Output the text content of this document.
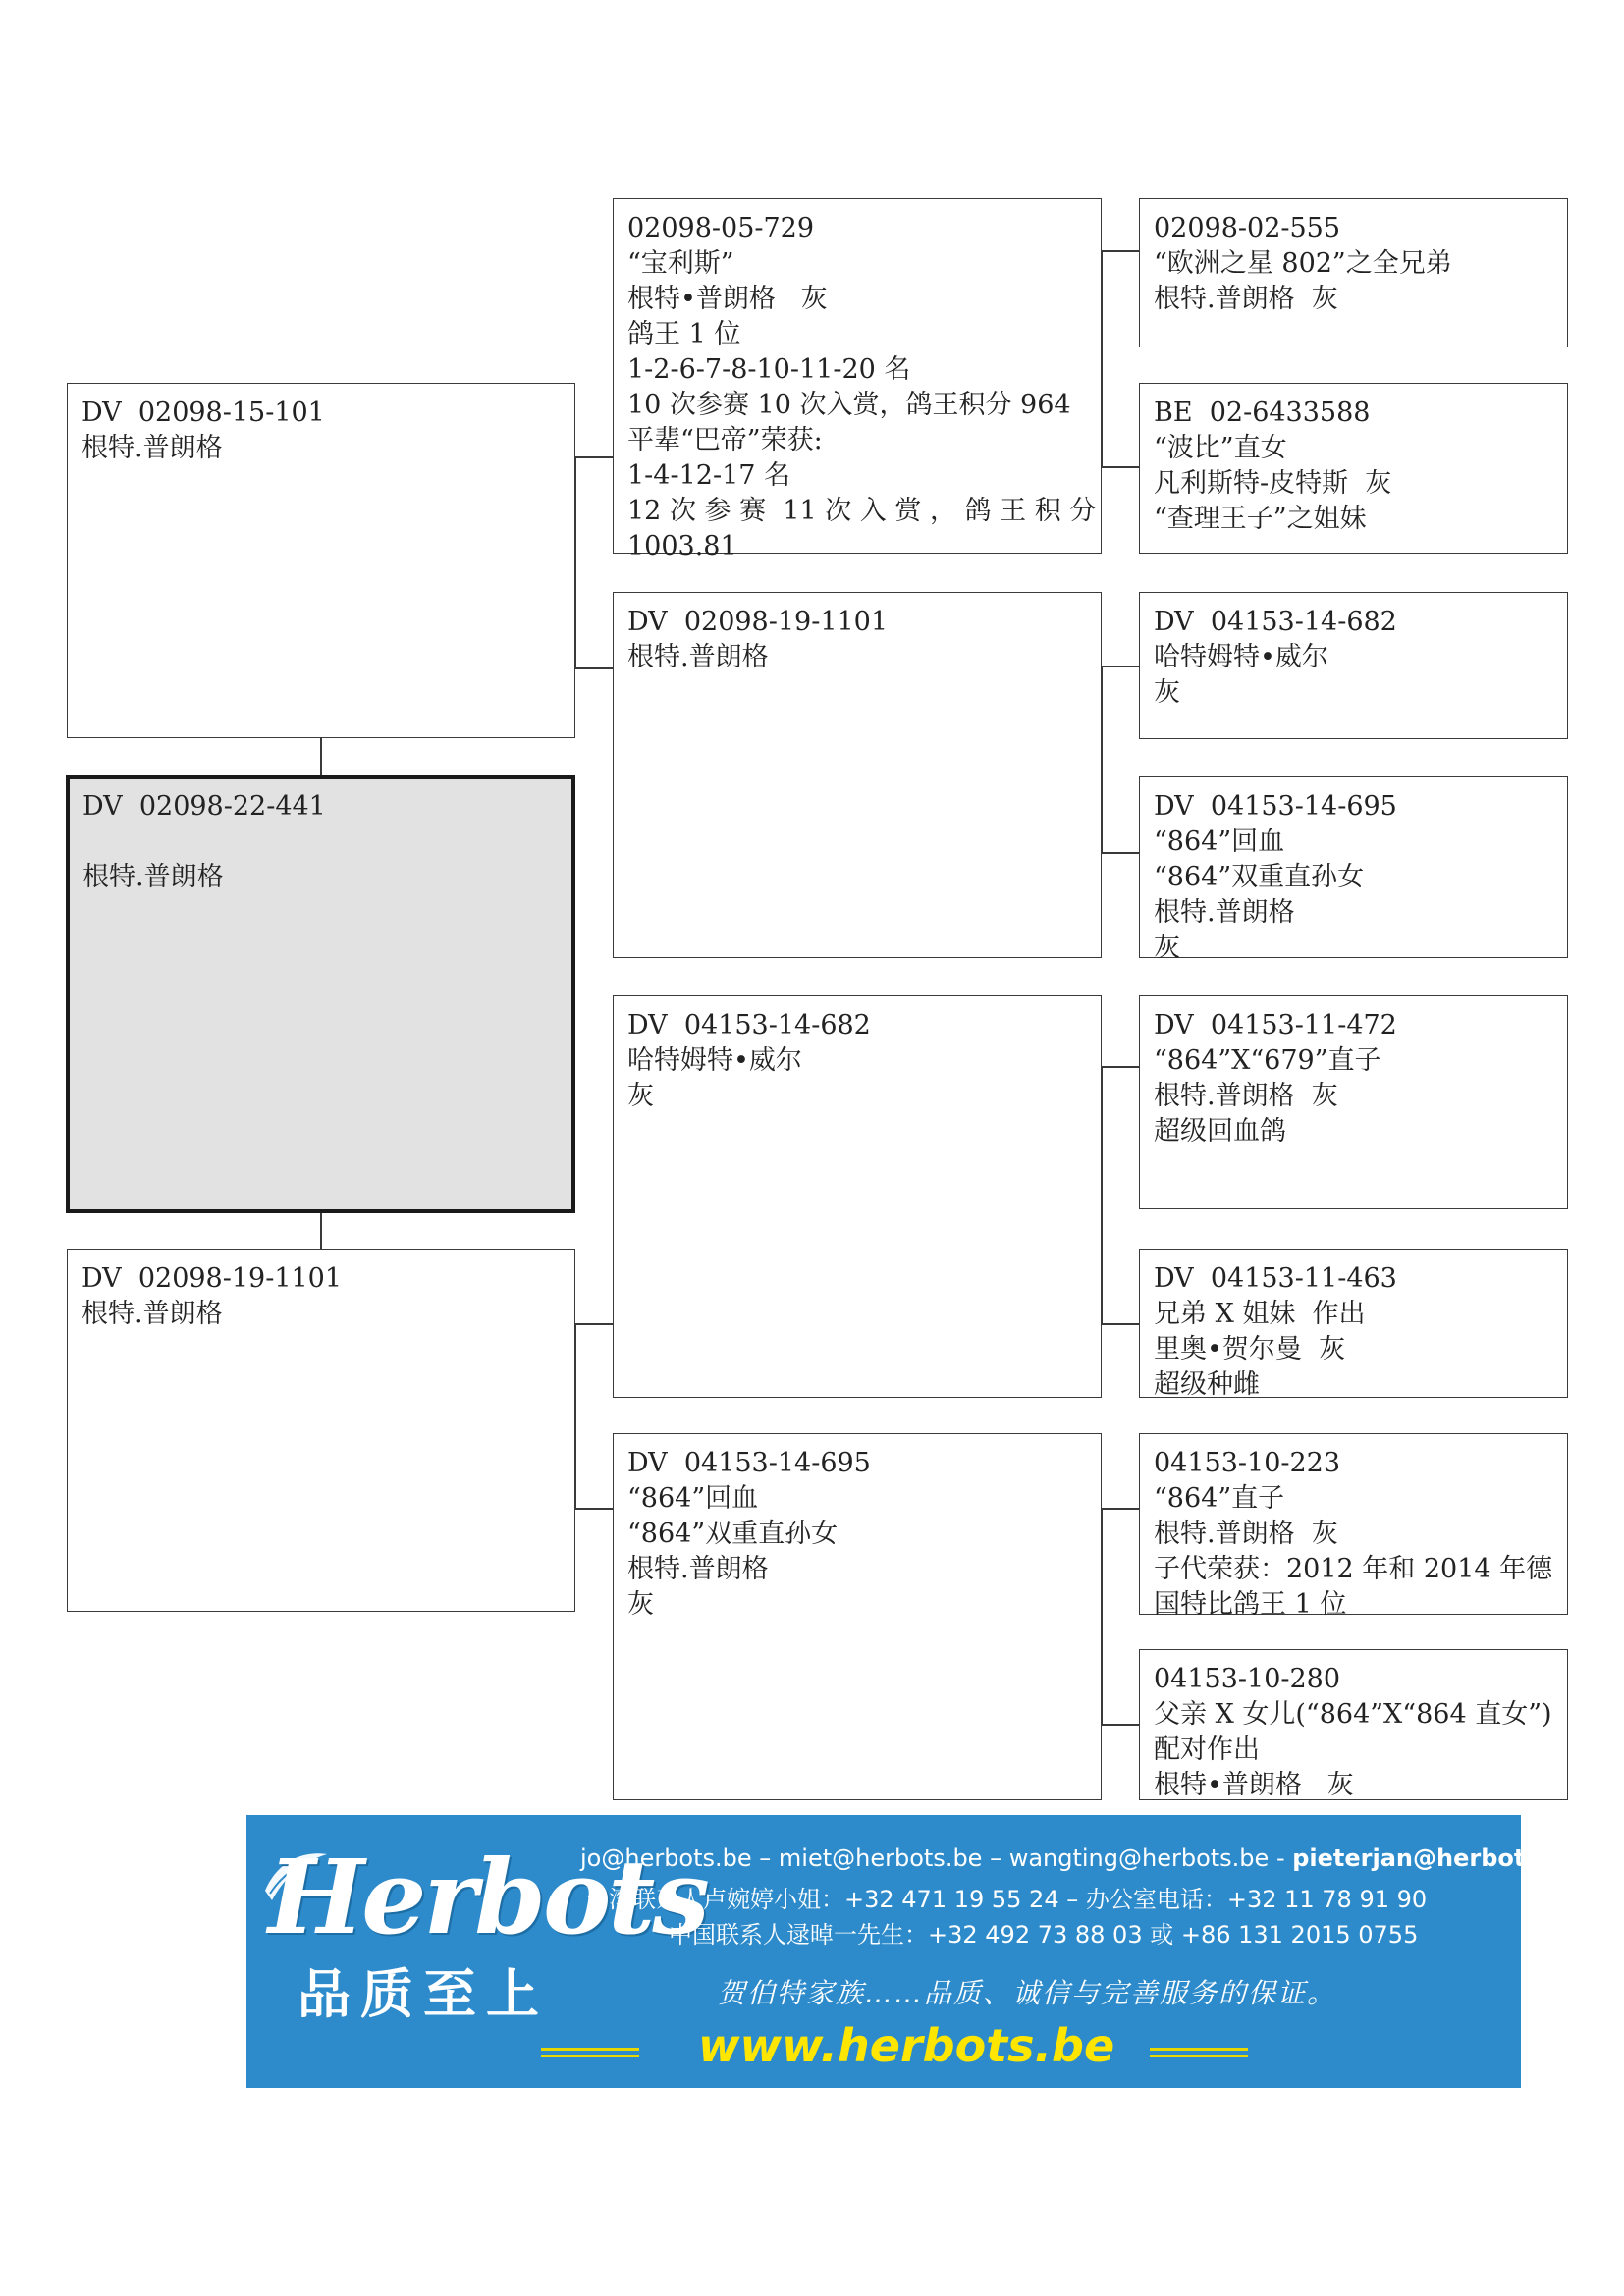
DV  02098-15-101
根特.普朗格
DV  02098-22-441

根特.普朗格
DV  02098-19-1101
根特.普朗格
02098-05-729
“宝利斯”
根特•普朗格   灰
鸽王 1 位
1-2-6-7-8-10-11-20 名
10 次参赛 10 次入赏，鸽王积分 964
平辈“巴帝”荣获:
1-4-12-17 名
12 次 参 赛  11 次 入 赏 ， 鸽 王 积 分
1003.81
DV  02098-19-1101
根特.普朗格
DV  04153-14-682
哈特姆特•威尔
灰
DV  04153-14-695
“864”回血
“864”双重直孙女
根特.普朗格
灰
02098-02-555
“欧洲之星 802”之全兄弟
根特.普朗格  灰
BE  02-6433588
“波比”直女
凡利斯特-皮特斯  灰
“查理王子”之姐妹
DV  04153-14-682
哈特姆特•威尔
灰
DV  04153-14-695
“864”回血
“864”双重直孙女
根特.普朗格
灰
DV  04153-11-472
“864”X“679”直子
根特.普朗格  灰
超级回血鸽
DV  04153-11-463
兄弟 X 姐妹  作出
里奥•贺尔曼  灰
超级种雌
04153-10-223
“864”直子
根特.普朗格  灰
子代荣获：2012 年和 2014 年德国特比鸽王 1 位
04153-10-280
父亲 X 女儿(“864”X“864 直女”)
配对作出
根特•普朗格   灰
Herbots
品质至上
jo@herbots.be – miet@herbots.be – wangting@herbots.be - pieterjan@herbots.be
台湾联系人卢婉婷小姐：+32 471 19 55 24 – 办公室电话：+32 11 78 91 90
中国联系人逯晫一先生：+32 492 73 88 03 或 +86 131 2015 0755
贺伯特家族……品质、诚信与完善服务的保证。
www.herbots.be
